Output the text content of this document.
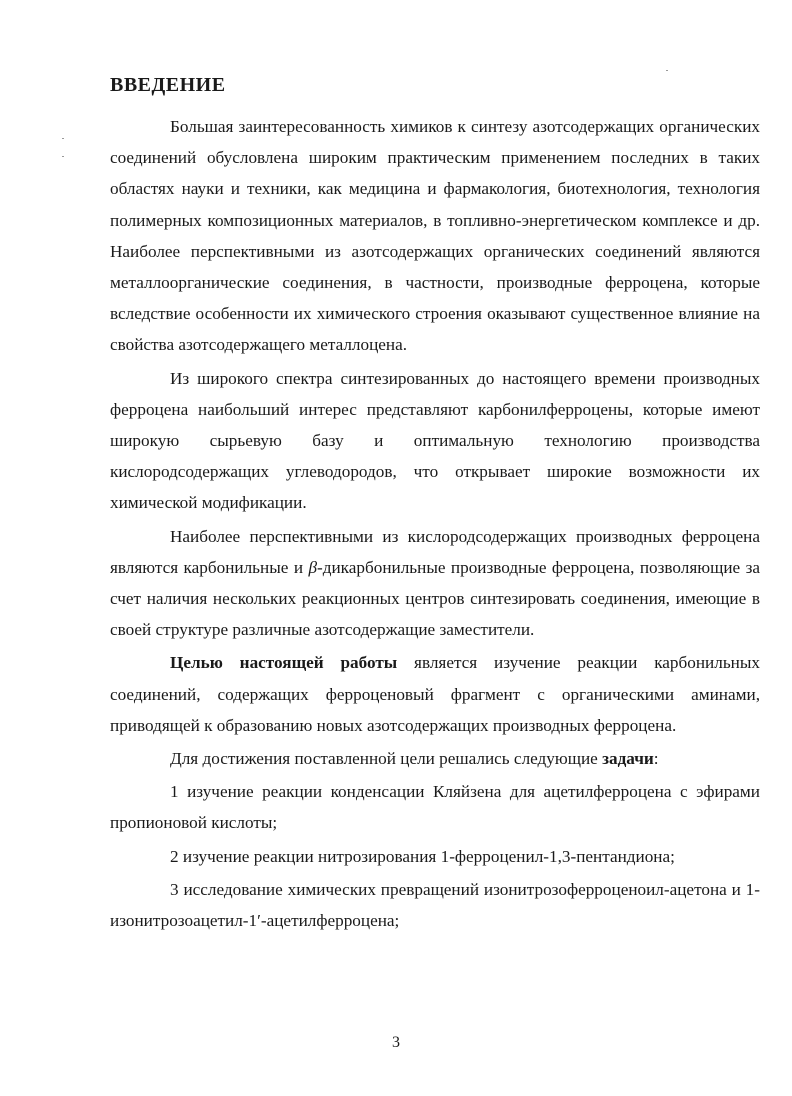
ВВЕДЕНИЕ

Большая заинтересованность химиков к синтезу азотсодержащих органических соединений обусловлена широким практическим применением последних в таких областях науки и техники, как медицина и фармакология, биотехнология, технология полимерных композиционных материалов, в топливно-энергетическом комплексе и др. Наиболее перспективными из азотсодержащих органических соединений являются металлоорганические соединения, в частности, производные ферроцена, которые вследствие особенности их химического строения оказывают существенное влияние на свойства азотсодержащего металлоцена.

Из широкого спектра синтезированных до настоящего времени производных ферроцена наибольший интерес представляют карбонилферроцены, которые имеют широкую сырьевую базу и оптимальную технологию производства кислородсодержащих углеводородов, что открывает широкие возможности их химической модификации.

Наиболее перспективными из кислородсодержащих производных ферроцена являются карбонильные и β-дикарбонильные производные ферроцена, позволяющие за счет наличия нескольких реакционных центров синтезировать соединения, имеющие в своей структуре различные азотсодержащие заместители.

Целью настоящей работы является изучение реакции карбонильных соединений, содержащих ферроценовый фрагмент с органическими аминами, приводящей к образованию новых азотсодержащих производных ферроцена.

Для достижения поставленной цели решались следующие задачи:

1 изучение реакции конденсации Кляйзена для ацетилферроцена с эфирами пропионовой кислоты;

2 изучение реакции нитрозирования 1-ферроценил-1,3-пентандиона;

3 исследование химических превращений изонитрозоферроценоил-ацетона и 1-изонитрозоацетил-1′-ацетилферроцена;

3
